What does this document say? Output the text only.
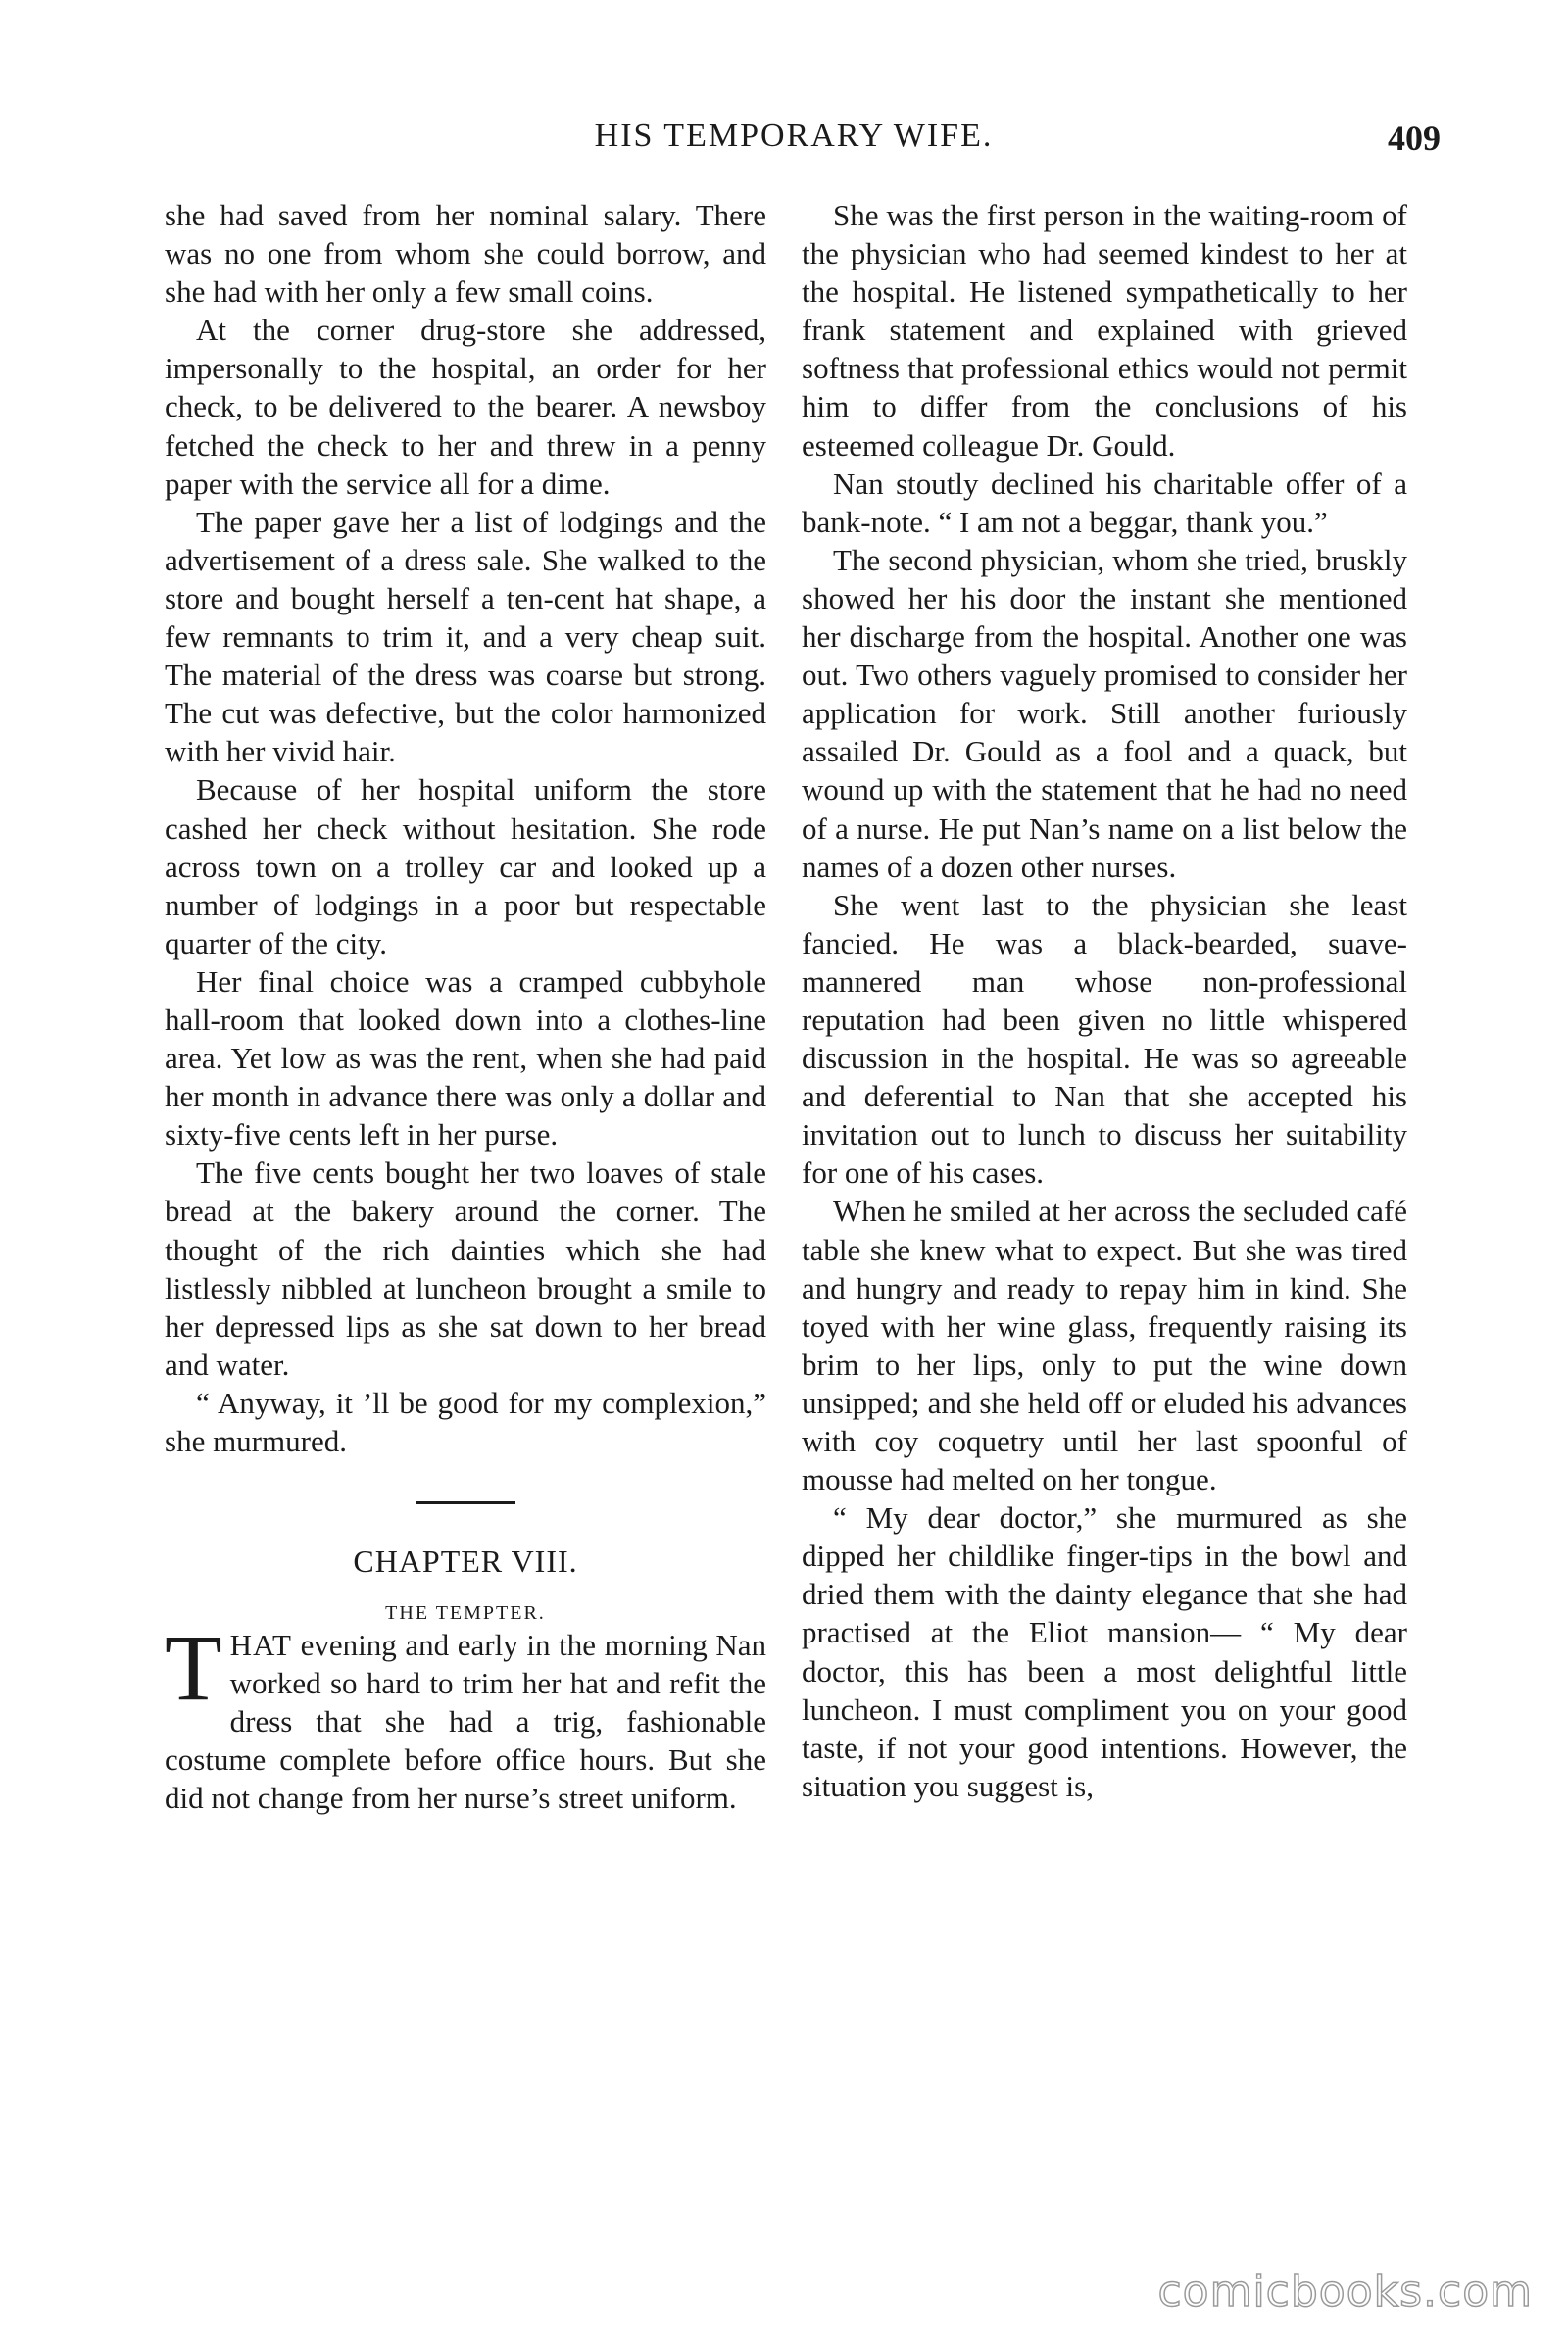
HIS TEMPORARY WIFE.	409

she had saved from her nominal salary. There was no one from whom she could borrow, and she had with her only a few small coins.

At the corner drug-store she addressed, impersonally to the hospital, an order for her check, to be delivered to the bearer. A newsboy fetched the check to her and threw in a penny paper with the service all for a dime.

The paper gave her a list of lodgings and the advertisement of a dress sale. She walked to the store and bought herself a ten-cent hat shape, a few remnants to trim it, and a very cheap suit. The material of the dress was coarse but strong. The cut was defective, but the color harmonized with her vivid hair.

Because of her hospital uniform the store cashed her check without hesitation. She rode across town on a trolley car and looked up a number of lodgings in a poor but respectable quarter of the city.

Her final choice was a cramped cubbyhole hall-room that looked down into a clothes-line area. Yet low as was the rent, when she had paid her month in advance there was only a dollar and sixty-five cents left in her purse.

The five cents bought her two loaves of stale bread at the bakery around the corner. The thought of the rich dainties which she had listlessly nibbled at luncheon brought a smile to her depressed lips as she sat down to her bread and water.

“ Anyway, it ’ll be good for my complexion,” she murmured.

CHAPTER VIII.
THE TEMPTER.

THAT evening and early in the morning Nan worked so hard to trim her hat and refit the dress that she had a trig, fashionable costume complete before office hours. But she did not change from her nurse’s street uniform.

She was the first person in the waiting-room of the physician who had seemed kindest to her at the hospital. He listened sympathetically to her frank statement and explained with grieved softness that professional ethics would not permit him to differ from the conclusions of his esteemed colleague Dr. Gould.

Nan stoutly declined his charitable offer of a bank-note. “ I am not a beggar, thank you.”

The second physician, whom she tried, bruskly showed her his door the instant she mentioned her discharge from the hospital. Another one was out. Two others vaguely promised to consider her application for work. Still another furiously assailed Dr. Gould as a fool and a quack, but wound up with the statement that he had no need of a nurse. He put Nan’s name on a list below the names of a dozen other nurses.

She went last to the physician she least fancied. He was a black-bearded, suave-mannered man whose non-professional reputation had been given no little whispered discussion in the hospital. He was so agreeable and deferential to Nan that she accepted his invitation out to lunch to discuss her suitability for one of his cases.

When he smiled at her across the secluded café table she knew what to expect. But she was tired and hungry and ready to repay him in kind. She toyed with her wine glass, frequently raising its brim to her lips, only to put the wine down unsipped; and she held off or eluded his advances with coy coquetry until her last spoonful of mousse had melted on her tongue.

“ My dear doctor,” she murmured as she dipped her childlike finger-tips in the bowl and dried them with the dainty elegance that she had practised at the Eliot mansion— “ My dear doctor, this has been a most delightful little luncheon. I must compliment you on your good taste, if not your good intentions. However, the situation you suggest is,

comicbooks.com
